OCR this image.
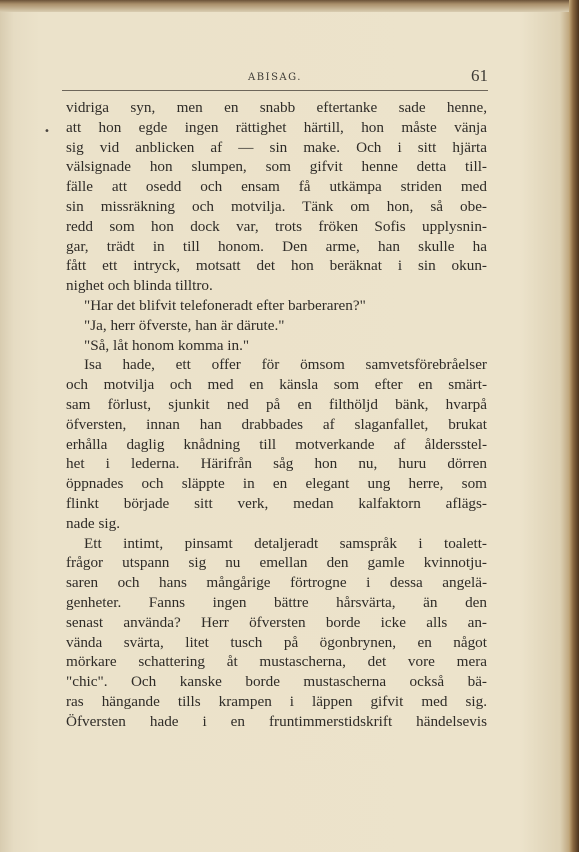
ABISAG.	61
•
vidriga syn, men en snabb eftertanke sade henne,
att hon egde ingen rättighet härtill, hon måste vänja
sig vid anblicken af — sin make. Och i sitt hjärta
välsignade hon slumpen, som gifvit henne detta till-
fälle att osedd och ensam få utkämpa striden med
sin missräkning och motvilja. Tänk om hon, så obe-
redd som hon dock var, trots fröken Sofis upplysnin-
gar, trädt in till honom. Den arme, han skulle ha
fått ett intryck, motsatt det hon beräknat i sin okun-
nighet och blinda tilltro.
"Har det blifvit telefoneradt efter barberaren?"
"Ja, herr öfverste, han är därute."
"Så, låt honom komma in."
Isa hade, ett offer för ömsom samvetsförebråelser
och motvilja och med en känsla som efter en smärt-
sam förlust, sjunkit ned på en filthöljd bänk, hvarpå
öfversten, innan han drabbades af slaganfallet, brukat
erhålla daglig knådning till motverkande af åldersstel-
het i lederna. Härifrån såg hon nu, huru dörren
öppnades och släppte in en elegant ung herre, som
flinkt började sitt verk, medan kalfaktorn aflägs-
nade sig.
Ett intimt, pinsamt detaljeradt samspråk i toalett-
frågor utspann sig nu emellan den gamle kvinnotju-
saren och hans mångårige förtrogne i dessa angelä-
genheter. Fanns ingen bättre hårsvärta, än den
senast använda? Herr öfversten borde icke alls an-
vända svärta, litet tusch på ögonbrynen, en något
mörkare schattering åt mustascherna, det vore mera
"chic". Och kanske borde mustascherna också bä-
ras hängande tills krampen i läppen gifvit med sig.
Öfversten hade i en fruntimmerstidskrift händelsevis
